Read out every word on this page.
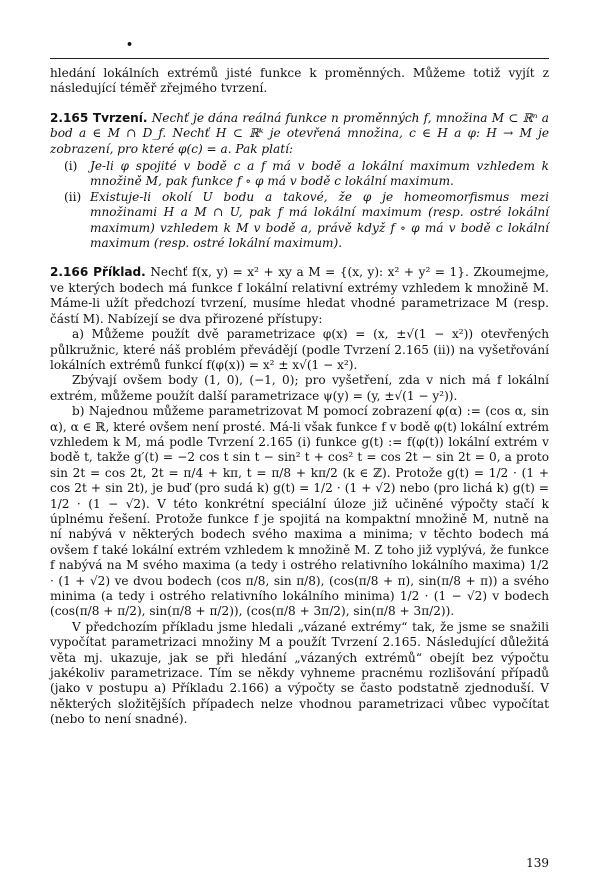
•

hledání lokálních extrémů jisté funkce k proměnných. Můžeme totiž vyjít z následující téměř zřejmého tvrzení.

2.165 Tvrzení. Nechť je dána reálná funkce n proměnných f, množina M ⊂ ℝⁿ a bod a ∈ M ∩ D_f. Nechť H ⊂ ℝᵏ je otevřená množina, c ∈ H a φ: H → M je zobrazení, pro které φ(c) = a. Pak platí:

(i) Je-li φ spojité v bodě c a f má v bodě a lokální maximum vzhledem k množině M, pak funkce f ∘ φ má v bodě c lokální maximum.
(ii) Existuje-li okolí U bodu a takové, že φ je homeomorfismus mezi množinami H a M ∩ U, pak f má lokální maximum (resp. ostré lokální maximum) vzhledem k M v bodě a, právě když f ∘ φ má v bodě c lokální maximum (resp. ostré lokální maximum).

2.166 Příklad. Nechť f(x, y) = x² + xy a M = {(x, y): x² + y² = 1}. Zkoumejme, ve kterých bodech má funkce f lokální relativní extrémy vzhledem k množině M. Máme-li užít předchozí tvrzení, musíme hledat vhodné parametrizace M (resp. částí M). Nabízejí se dva přirozené přístupy:

a) Můžeme použít dvě parametrizace φ(x) = (x, ±√(1 − x²)) otevřených půlkružnic, které náš problém převádějí (podle Tvrzení 2.165 (ii)) na vyšetřování lokálních extrémů funkcí f(φ(x)) = x² ± x√(1 − x²).

Zbývají ovšem body (1, 0), (−1, 0); pro vyšetření, zda v nich má f lokální extrém, můžeme použít další parametrizace ψ(y) = (y, ±√(1 − y²)).

b) Najednou můžeme parametrizovat M pomocí zobrazení φ(α) := (cos α, sin α), α ∈ ℝ, které ovšem není prosté. Má-li však funkce f v bodě φ(t) lokální extrém vzhledem k M, má podle Tvrzení 2.165 (i) funkce g(t) := f(φ(t)) lokální extrém v bodě t, takže g′(t) = −2 cos t sin t − sin² t + cos² t = cos 2t − sin 2t = 0, a proto sin 2t = cos 2t, 2t = π/4 + kπ, t = π/8 + kπ/2 (k ∈ ℤ). Protože g(t) = 1/2 · (1 + cos 2t + sin 2t), je buď (pro sudá k) g(t) = 1/2 · (1 + √2) nebo (pro lichá k) g(t) = 1/2 · (1 − √2). V této konkrétní speciální úloze již učiněné výpočty stačí k úplnému řešení. Protože funkce f je spojitá na kompaktní množině M, nutně na ní nabývá v některých bodech svého maxima a minima; v těchto bodech má ovšem f také lokální extrém vzhledem k množině M. Z toho již vyplývá, že funkce f nabývá na M svého maxima (a tedy i ostrého relativního lokálního maxima) 1/2 · (1 + √2) ve dvou bodech (cos π/8, sin π/8), (cos(π/8 + π), sin(π/8 + π)) a svého minima (a tedy i ostrého relativního lokálního minima) 1/2 · (1 − √2) v bodech (cos(π/8 + π/2), sin(π/8 + π/2)), (cos(π/8 + 3π/2), sin(π/8 + 3π/2)).

V předchozím příkladu jsme hledali „vázané extrémy“ tak, že jsme se snažili vypočítat parametrizaci množiny M a použít Tvrzení 2.165. Následující důležitá věta mj. ukazuje, jak se při hledání „vázaných extrémů“ obejít bez výpočtu jakékoliv parametrizace. Tím se někdy vyhneme pracnému rozlišování případů (jako v postupu a) Příkladu 2.166) a výpočty se často podstatně zjednoduší. V některých složitějších případech nelze vhodnou parametrizaci vůbec vypočítat (nebo to není snadné).

139
